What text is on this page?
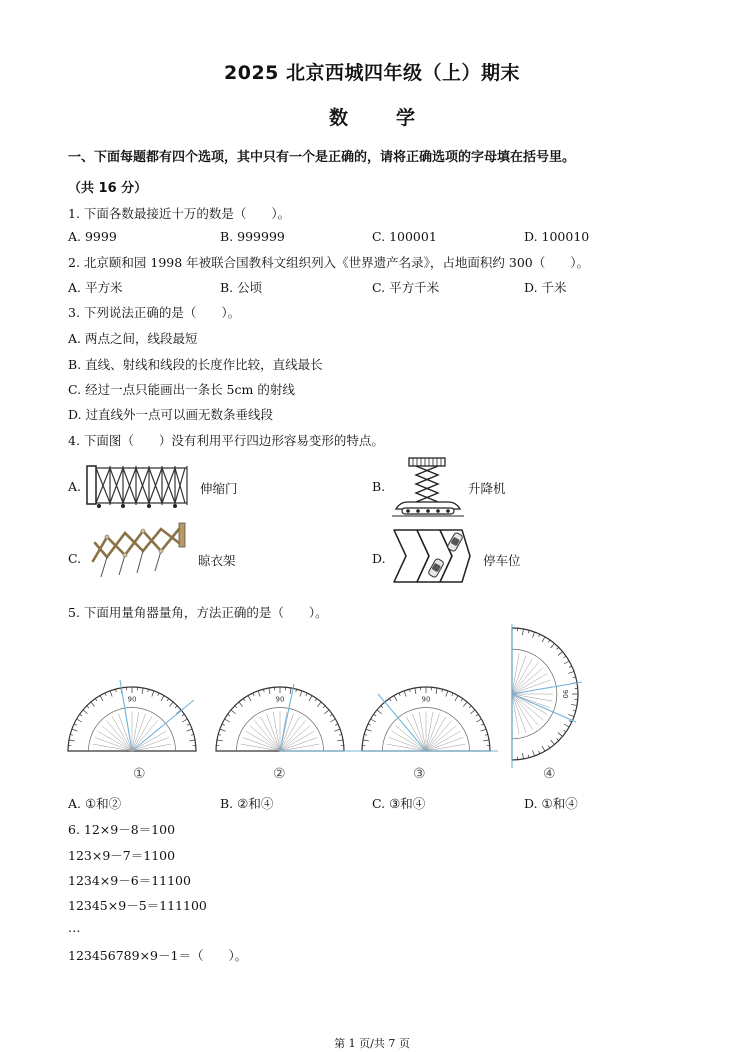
2025 北京西城四年级（上）期末
数	学
一、下面每题都有四个选项，其中只有一个是正确的，请将正确选项的字母填在括号里。
（共 16 分）
1. 下面各数最接近十万的数是（　　）。
A. 9999	B. 999999	C. 100001	D. 100010
2. 北京颐和园 1998 年被联合国教科文组织列入《世界遗产名录》，占地面积约 300（　　）。
A. 平方米	B. 公顷	C. 平方千米	D. 千米
3. 下列说法正确的是（　　）。
A. 两点之间，线段最短
B. 直线、射线和线段的长度作比较，直线最长
C. 经过一点只能画出一条长 5cm 的射线
D. 过直线外一点可以画无数条垂线段
4. 下面图（　　）没有利用平行四边形容易变形的特点。
A.	伸缩门	B.	升降机
C.	晾衣架	D.	停车位
5. 下面用量角器量角，方法正确的是（　　）。
90	90	90
90
①	②	③	④
A. ①和②	B. ②和④	C. ③和④	D. ①和④
6. 12×9－8＝100
123×9－7＝1100
1234×9－6＝11100
12345×9－5＝111100
…
123456789×9－1＝（　　）。
第 1 页/共 7 页
